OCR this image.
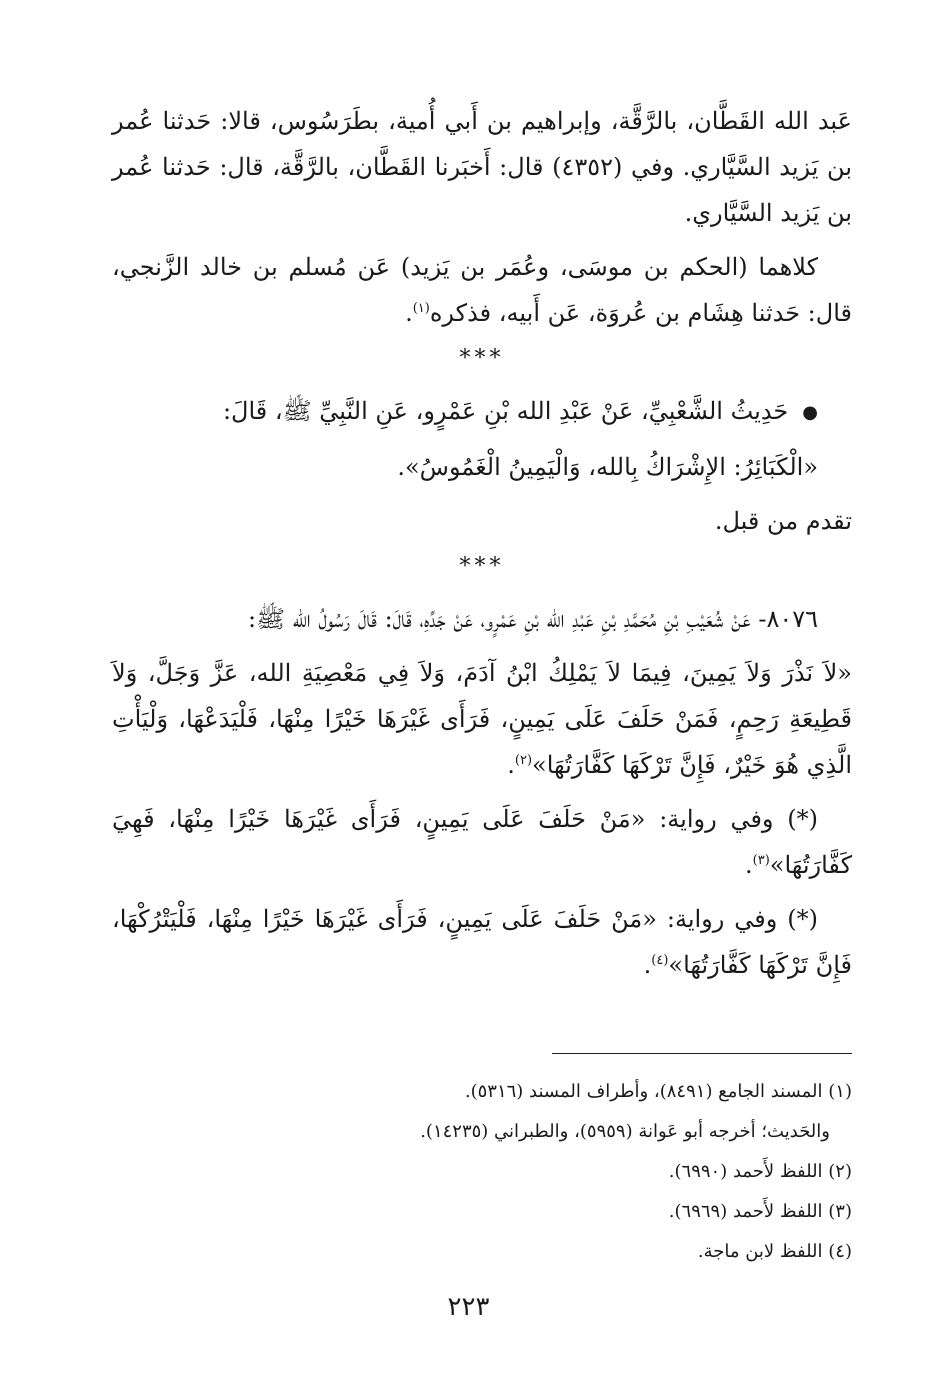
عَبد الله القَطَّان، بالرَّقَّة، وإبراهيم بن أَبي أُمية، بطَرَسُوس، قالا: حَدثنا عُمر بن يَزيد السَّيَّاري. وفي (٤٣٥٢) قال: أَخبَرنا القَطَّان، بالرَّقَّة، قال: حَدثنا عُمر بن يَزيد السَّيَّاري.

كلاهما (الحكم بن موسَى، وعُمَر بن يَزيد) عَن مُسلم بن خالد الزَّنجي، قال: حَدثنا هِشَام بن عُروَة، عَن أَبيه، فذكره$^{(١)}$.

***

●حَدِيثُ الشَّعْبِيِّ، عَنْ عَبْدِ الله بْنِ عَمْرٍو، عَنِ النَّبِيِّ ﷺ، قَالَ:

«الْكَبَائِرُ: الإِشْرَاكُ بِالله، وَالْيَمِينُ الْغَمُوسُ».

تقدم من قبل.

***

٨٠٧٦- عَنْ شُعَيْبِ بْنِ مُحَمَّدِ بْنِ عَبْدِ الله بْنِ عَمْرٍو، عَنْ جَدِّهِ، قَالَ: قَالَ رَسُولُ الله ﷺ:

«لاَ نَذْرَ وَلاَ يَمِينَ، فِيمَا لاَ يَمْلِكُ ابْنُ آدَمَ، وَلاَ فِي مَعْصِيَةِ الله، عَزَّ وَجَلَّ، وَلاَ قَطِيعَةِ رَحِمٍ، فَمَنْ حَلَفَ عَلَى يَمِينٍ، فَرَأَى غَيْرَهَا خَيْرًا مِنْهَا، فَلْيَدَعْهَا، وَلْيَأْتِ الَّذِي هُوَ خَيْرٌ، فَإِنَّ تَرْكَهَا كَفَّارَتُهَا»$^{(٢)}$.

(*) وفي رواية: «مَنْ حَلَفَ عَلَى يَمِينٍ، فَرَأَى غَيْرَهَا خَيْرًا مِنْهَا، فَهِيَ كَفَّارَتُهَا»$^{(٣)}$.

(*) وفي رواية: «مَنْ حَلَفَ عَلَى يَمِينٍ، فَرَأَى غَيْرَهَا خَيْرًا مِنْهَا، فَلْيَتْرُكْهَا، فَإِنَّ تَرْكَهَا كَفَّارَتُهَا»$^{(٤)}$.

(١) المسند الجامع (٨٤٩١)، وأطراف المسند (٥٣١٦).

والحَديث؛ أخرجه أبو عَوانة (٥٩٥٩)، والطبراني (١٤٢٣٥).

(٢) اللفظ لأَحمد (٦٩٩٠).

(٣) اللفظ لأَحمد (٦٩٦٩).

(٤) اللفظ لابن ماجة.

٢٢٣
